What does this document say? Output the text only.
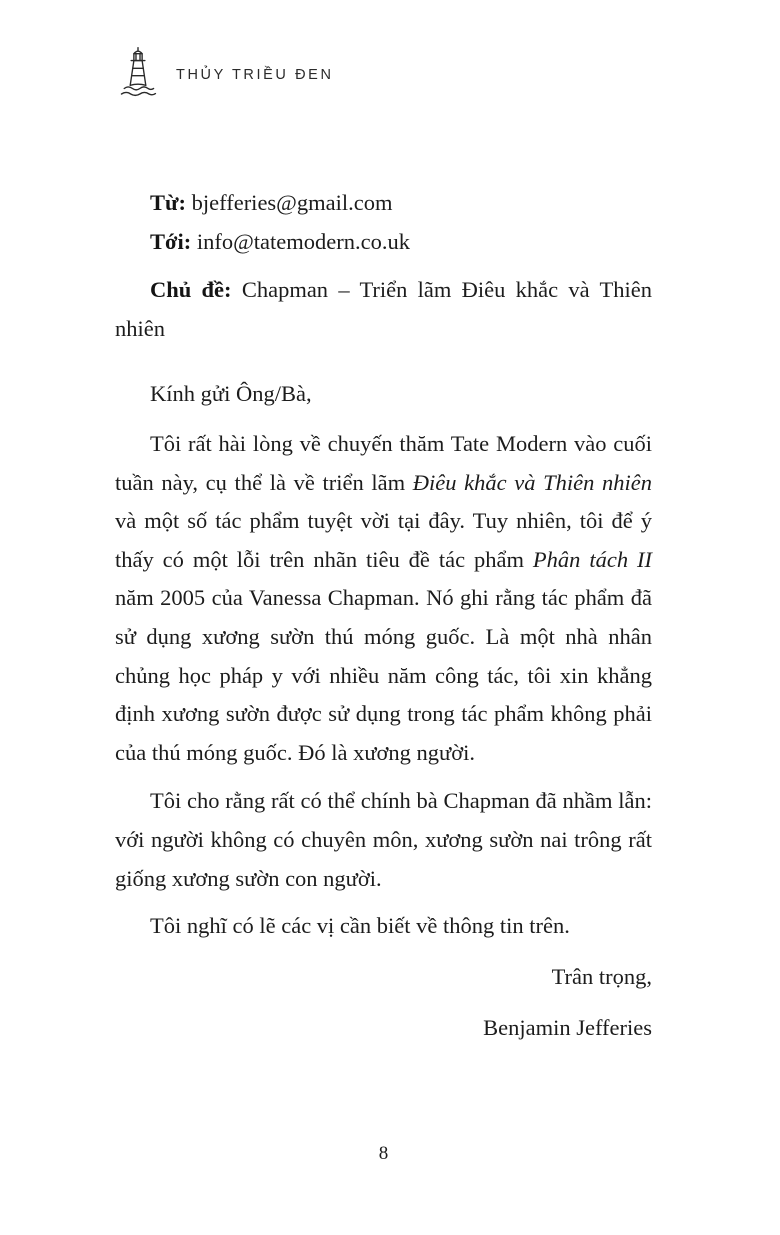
THỦY TRIỀU ĐEN

Từ: bjefferies@gmail.com

Tới: info@tatemodern.co.uk

Chủ đề: Chapman – Triển lãm Điêu khắc và Thiên nhiên

Kính gửi Ông/Bà,

Tôi rất hài lòng về chuyến thăm Tate Modern vào cuối tuần này, cụ thể là về triển lãm Điêu khắc và Thiên nhiên và một số tác phẩm tuyệt vời tại đây. Tuy nhiên, tôi để ý thấy có một lỗi trên nhãn tiêu đề tác phẩm Phân tách II năm 2005 của Vanessa Chapman. Nó ghi rằng tác phẩm đã sử dụng xương sườn thú móng guốc. Là một nhà nhân chủng học pháp y với nhiều năm công tác, tôi xin khẳng định xương sườn được sử dụng trong tác phẩm không phải của thú móng guốc. Đó là xương người.

Tôi cho rằng rất có thể chính bà Chapman đã nhầm lẫn: với người không có chuyên môn, xương sườn nai trông rất giống xương sườn con người.

Tôi nghĩ có lẽ các vị cần biết về thông tin trên.

Trân trọng,

Benjamin Jefferies

8
